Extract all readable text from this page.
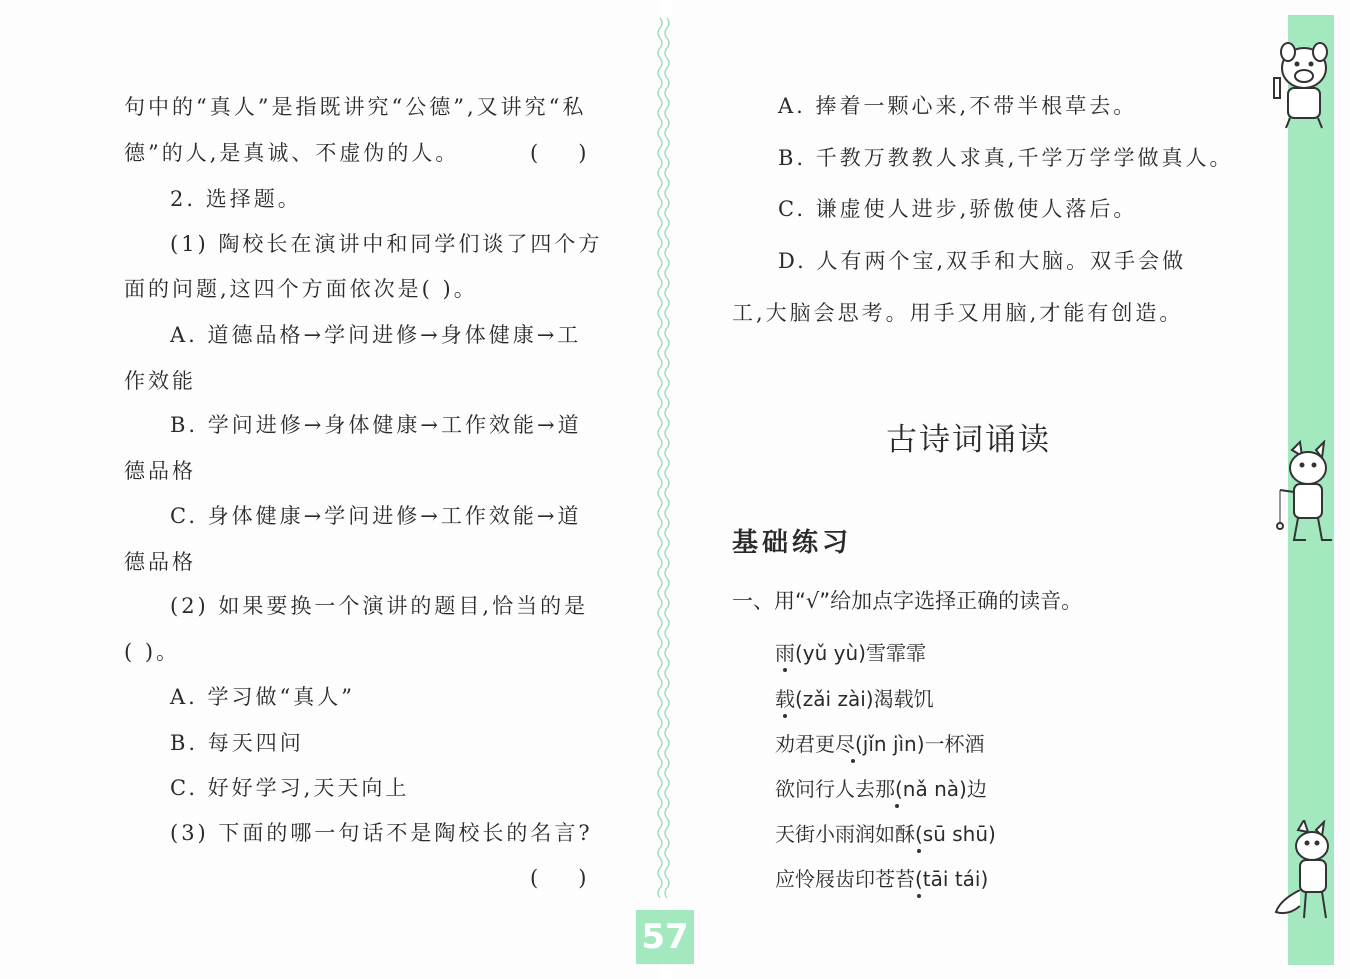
句中的“真人”是指既讲究“公德”,又讲究“私
德”的人,是真诚、不虚伪的人。	(      )
2. 选择题。
(1) 陶校长在演讲中和同学们谈了四个方
面的问题,这四个方面依次是( )。
A. 道德品格→学问进修→身体健康→工
作效能
B. 学问进修→身体健康→工作效能→道
德品格
C. 身体健康→学问进修→工作效能→道
德品格
(2) 如果要换一个演讲的题目,恰当的是
( )。
A. 学习做“真人”
B. 每天四问
C. 好好学习,天天向上
(3) 下面的哪一句话不是陶校长的名言?
(      )
A. 捧着一颗心来,不带半根草去。
B. 千教万教教人求真,千学万学学做真人。
C. 谦虚使人进步,骄傲使人落后。
D. 人有两个宝,双手和大脑。双手会做
工,大脑会思考。用手又用脑,才能有创造。
古诗词诵读
基础练习
一、用“√”给加点字选择正确的读音。
雨(yǔ yù)雪霏霏
载(zǎi zài)渴载饥
劝君更尽(jǐn jìn)一杯酒
欲问行人去那(nǎ nà)边
天街小雨润如酥(sū shū)
应怜屐齿印苍苔(tāi tái)
57
